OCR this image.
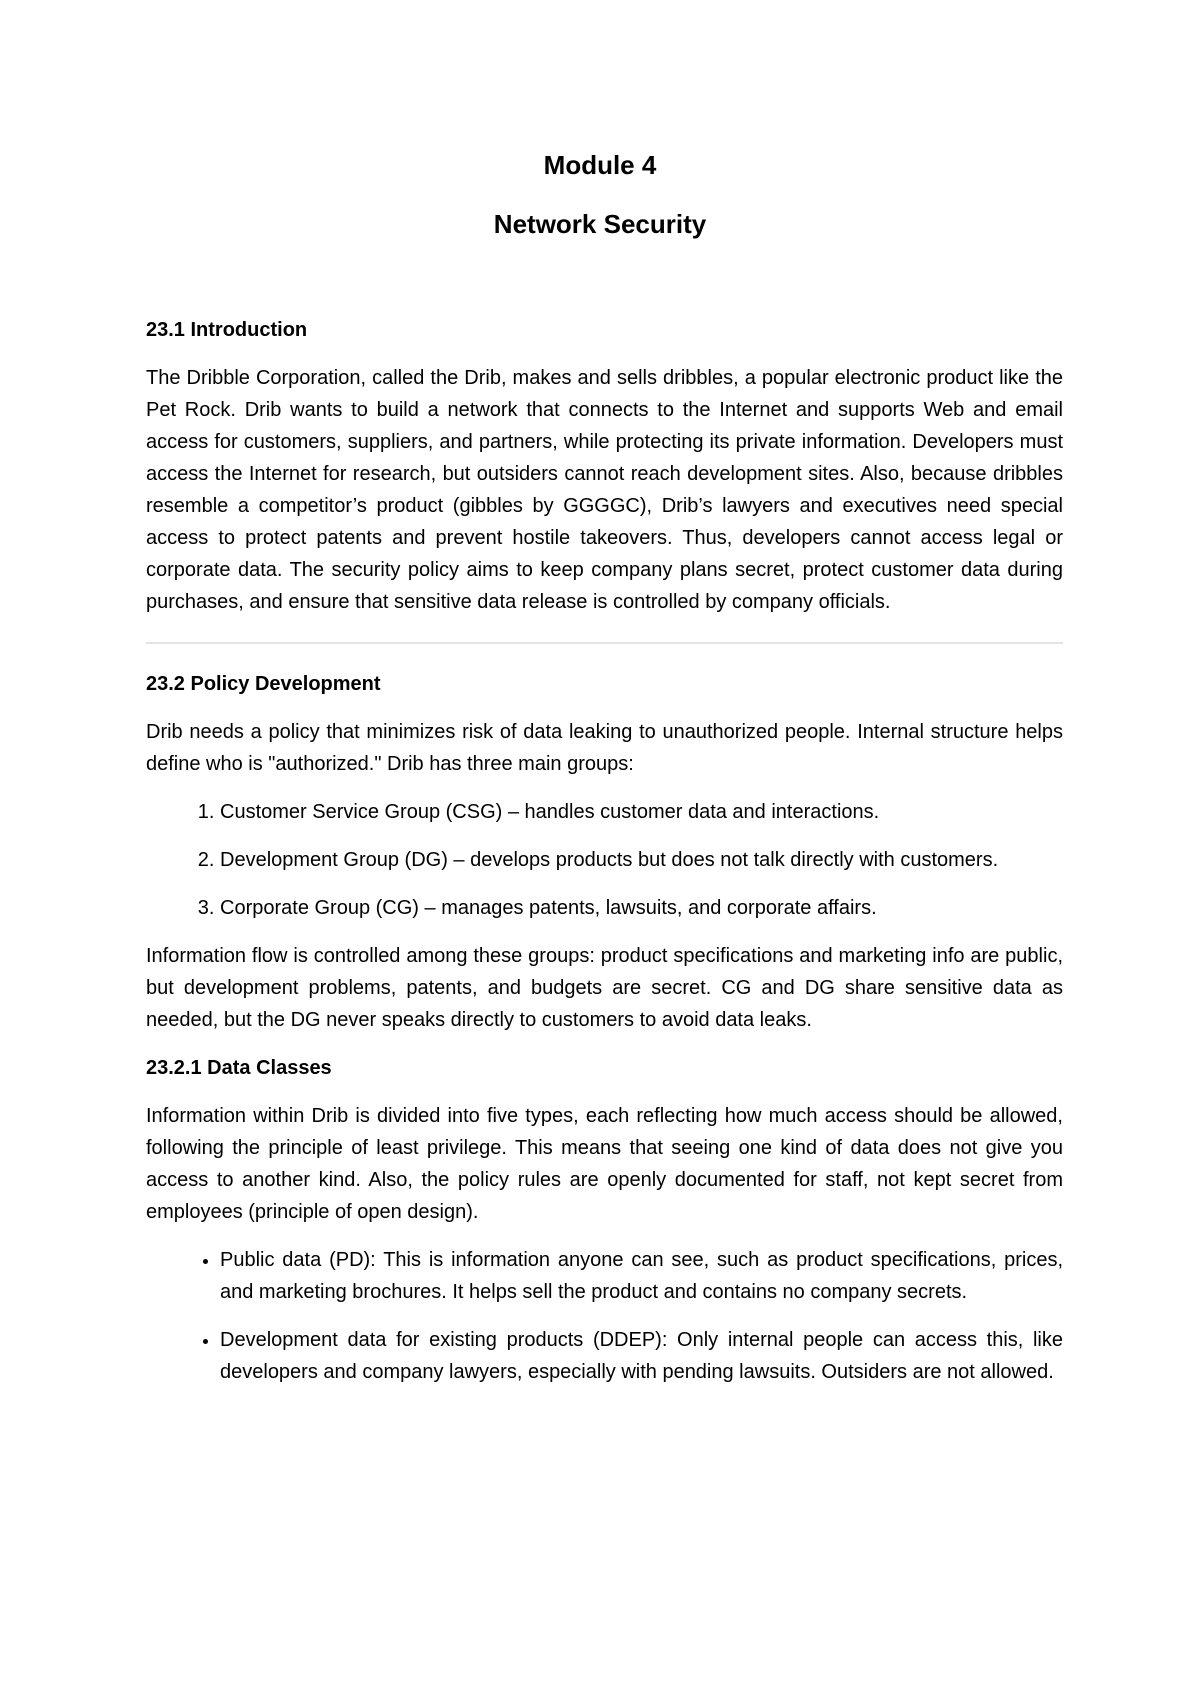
Module 4
Network Security
23.1 Introduction

The Dribble Corporation, called the Drib, makes and sells dribbles, a popular electronic product like the Pet Rock. Drib wants to build a network that connects to the Internet and supports Web and email access for customers, suppliers, and partners, while protecting its private information. Developers must access the Internet for research, but outsiders cannot reach development sites. Also, because dribbles resemble a competitor’s product (gibbles by GGGGC), Drib’s lawyers and executives need special access to protect patents and prevent hostile takeovers. Thus, developers cannot access legal or corporate data. The security policy aims to keep company plans secret, protect customer data during purchases, and ensure that sensitive data release is controlled by company officials.

23.2 Policy Development

Drib needs a policy that minimizes risk of data leaking to unauthorized people. Internal structure helps define who is "authorized." Drib has three main groups:

1. Customer Service Group (CSG) – handles customer data and interactions.
2. Development Group (DG) – develops products but does not talk directly with customers.
3. Corporate Group (CG) – manages patents, lawsuits, and corporate affairs.

Information flow is controlled among these groups: product specifications and marketing info are public, but development problems, patents, and budgets are secret. CG and DG share sensitive data as needed, but the DG never speaks directly to customers to avoid data leaks.

23.2.1 Data Classes

Information within Drib is divided into five types, each reflecting how much access should be allowed, following the principle of least privilege. This means that seeing one kind of data does not give you access to another kind. Also, the policy rules are openly documented for staff, not kept secret from employees (principle of open design).

• Public data (PD): This is information anyone can see, such as product specifications, prices, and marketing brochures. It helps sell the product and contains no company secrets.
• Development data for existing products (DDEP): Only internal people can access this, like developers and company lawyers, especially with pending lawsuits. Outsiders are not allowed.
